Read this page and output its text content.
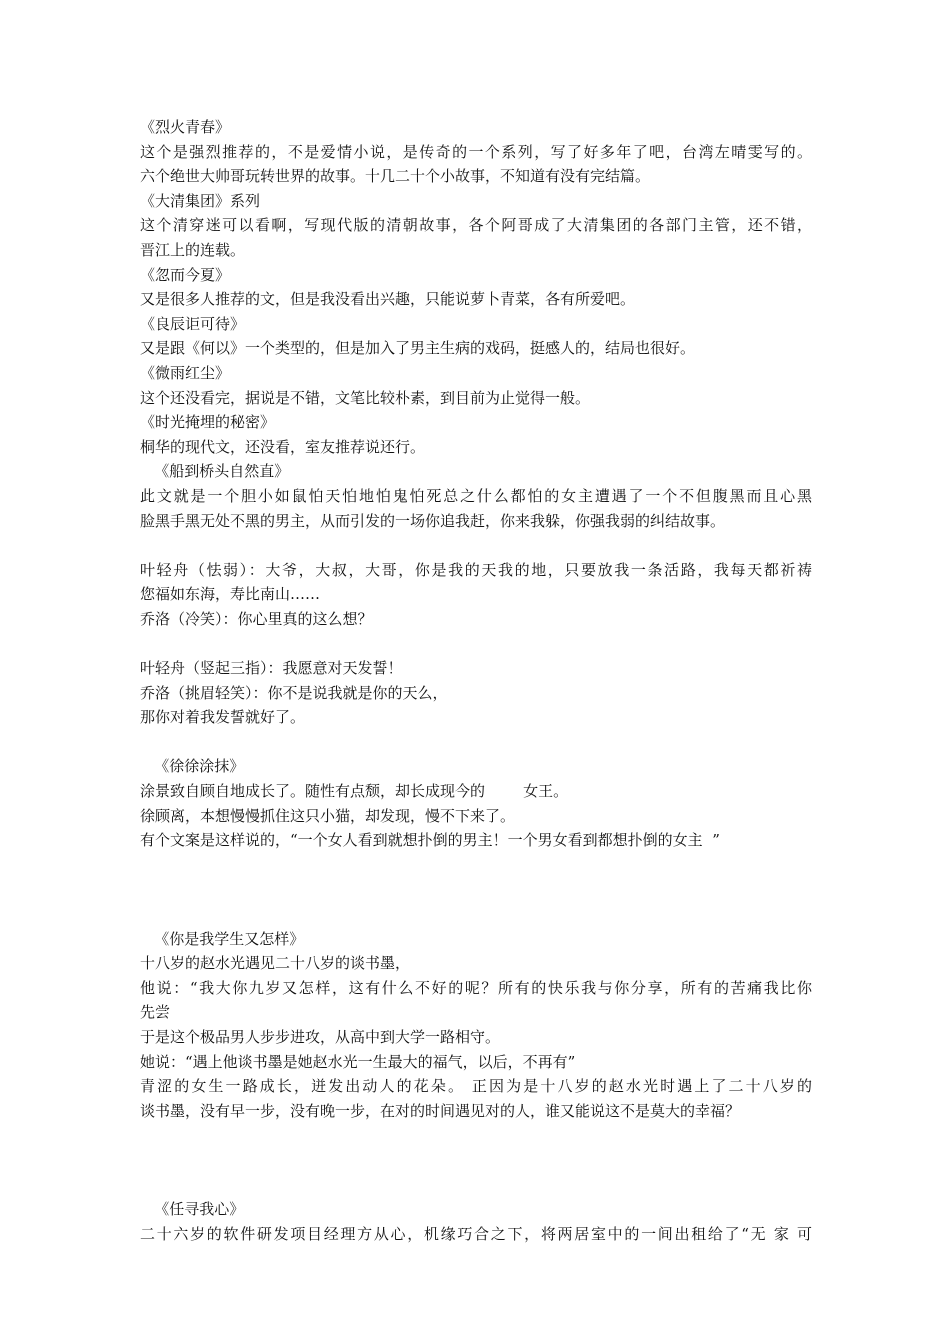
《烈火青春》
这个是强烈推荐的，不是爱情小说，是传奇的一个系列，写了好多年了吧，台湾左晴雯写的。
六个绝世大帅哥玩转世界的故事。十几二十个小故事，不知道有没有完结篇。
《大清集团》系列
这个清穿迷可以看啊，写现代版的清朝故事，各个阿哥成了大清集团的各部门主管，还不错，
晋江上的连载。
《忽而今夏》
又是很多人推荐的文，但是我没看出兴趣，只能说萝卜青菜，各有所爱吧。
《良辰讵可待》
又是跟《何以》一个类型的，但是加入了男主生病的戏码，挺感人的，结局也很好。
《微雨红尘》
这个还没看完，据说是不错，文笔比较朴素，到目前为止觉得一般。
《时光掩埋的秘密》
桐华的现代文，还没看，室友推荐说还行。
《船到桥头自然直》
此文就是一个胆小如鼠怕天怕地怕鬼怕死总之什么都怕的女主遭遇了一个不但腹黑而且心黑
脸黑手黑无处不黑的男主，从而引发的一场你追我赶，你来我躲，你强我弱的纠结故事。
叶轻舟（怯弱）：大爷，大叔，大哥，你是我的天我的地，只要放我一条活路，我每天都祈祷
您福如东海，寿比南山……
乔洛（冷笑）：你心里真的这么想？
叶轻舟（竖起三指）：我愿意对天发誓！
乔洛（挑眉轻笑）：你不是说我就是你的天么，
那你对着我发誓就好了。
《徐徐涂抹》
涂景致自顾自地成长了。随性有点颓，却长成现今的        女王。
徐顾离，本想慢慢抓住这只小猫，却发现，慢不下来了。
有个文案是这样说的，“一个女人看到就想扑倒的男主！一个男女看到都想扑倒的女主  ”
《你是我学生又怎样》
十八岁的赵水光遇见二十八岁的谈书墨，
他说：“我大你九岁又怎样，这有什么不好的呢？所有的快乐我与你分享，所有的苦痛我比你
先尝
于是这个极品男人步步进攻，从高中到大学一路相守。
她说：“遇上他谈书墨是她赵水光一生最大的福气，以后，不再有”
青涩的女生一路成长，迸发出动人的花朵。 正因为是十八岁的赵水光时遇上了二十八岁的
谈书墨，没有早一步，没有晚一步，在对的时间遇见对的人，谁又能说这不是莫大的幸福？
《任寻我心》
二十六岁的软件研发项目经理方从心，机缘巧合之下，将两居室中的一间出租给了“无 家 可
